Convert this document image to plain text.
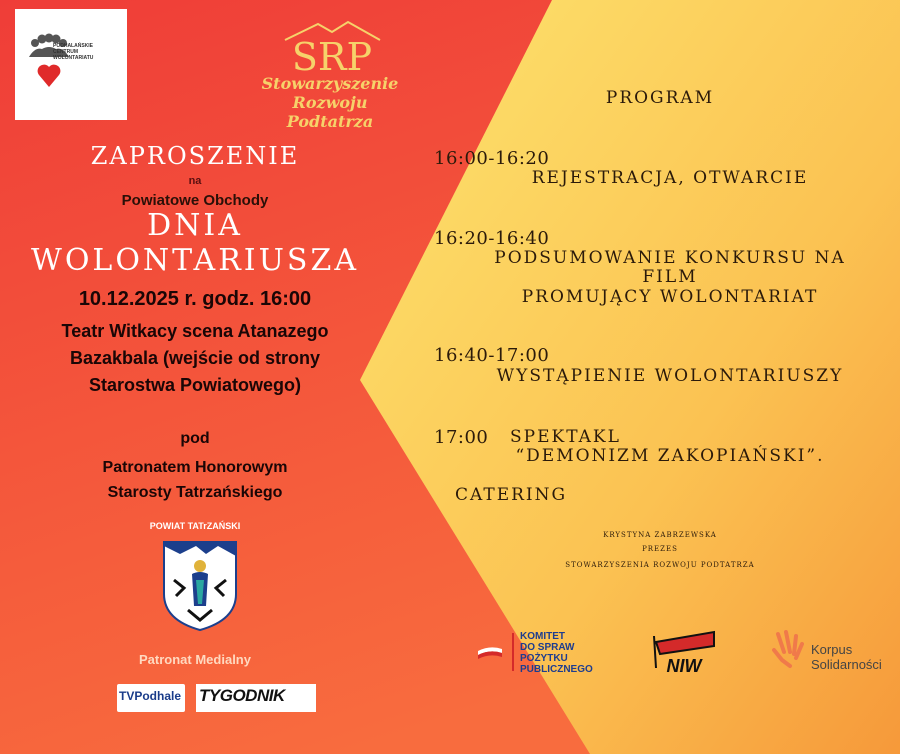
PODHALAŃSKIE
CENTRUM
WOLONTARIATU	SRP
Stowarzyszenie
Rozwoju Podtatrza
ZAPROSZENIE
na
Powiatowe Obchody
DNIA
WOLONTARIUSZA
10.12.2025 r. godz. 16:00
Teatr Witkacy scena Atanazego
Bazakbala (wejście od strony
Starostwa Powiatowego)
pod
Patronatem Honorowym
Starosty Tatrzańskiego
POWIAT TATrZAŃSKI
Patronat Medialny
TVPodhale TYGODNIK
PROGRAM
16:00-16:20
REJESTRACJA, OTWARCIE
16:20-16:40
PODSUMOWANIE KONKURSU NA
FILM
PROMUJĄCY WOLONTARIAT
16:40-17:00
WYSTĄPIENIE WOLONTARIUSZY
17:00 SPEKTAKL
“DEMONIZM ZAKOPIAŃSKI”.
CATERING
KRYSTYNA ZABRZEWSKA
PREZES
STOWARZYSZENIA ROZWOJU PODTATRZA
KOMITET
DO SPRAW
POŻYTKU
PUBLICZNEGO	NIW
Korpus
Solidarności
